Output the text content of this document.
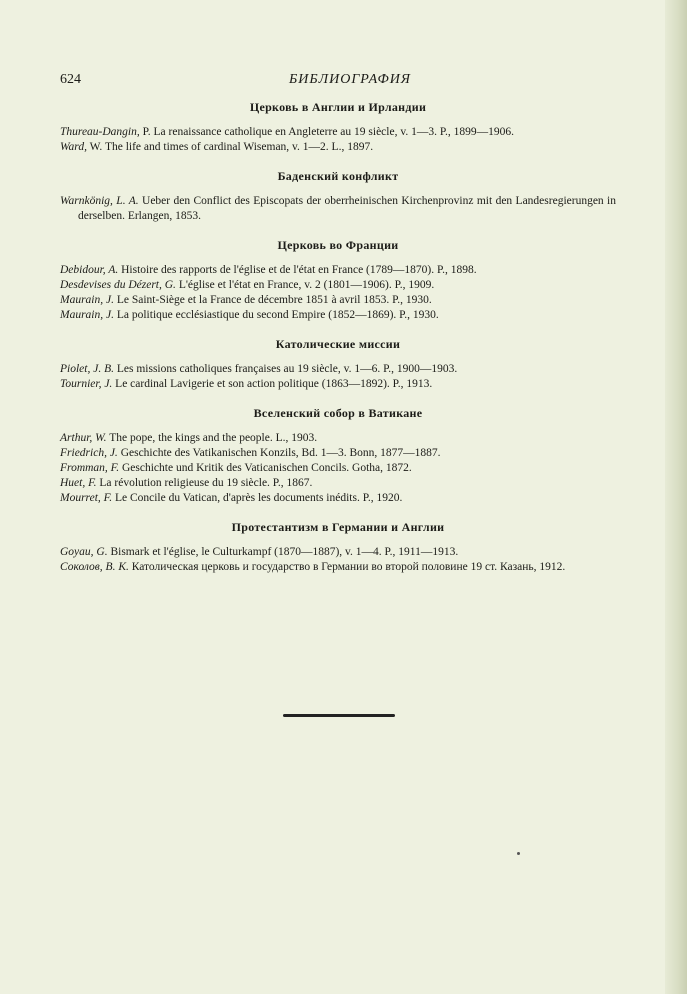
624	БИБЛИОГРАФИЯ
Церковь в Англии и Ирландии

Thureau-Dangin, P. La renaissance catholique en Angleterre au 19 siècle, v. 1—3. P., 1899—1906.

Ward, W. The life and times of cardinal Wiseman, v. 1—2. L., 1897.

Баденский конфликт

Warnkönig, L. A. Ueber den Conflict des Episcopats der oberrheinischen Kirchenprovinz mit den Landesregierungen in derselben. Erlangen, 1853.

Церковь во Франции

Debidour, A. Histoire des rapports de l'église et de l'état en France (1789—1870). P., 1898.

Desdevises du Dézert, G. L'église et l'état en France, v. 2 (1801—1906). P., 1909.

Maurain, J. Le Saint-Siège et la France de décembre 1851 à avril 1853. P., 1930.

Maurain, J. La politique ecclésiastique du second Empire (1852—1869). P., 1930.

Католические миссии

Piolet, J. B. Les missions catholiques françaises au 19 siècle, v. 1—6. P., 1900—1903.

Tournier, J. Le cardinal Lavigerie et son action politique (1863—1892). P., 1913.

Вселенский собор в Ватикане

Arthur, W. The pope, the kings and the people. L., 1903.

Friedrich, J. Geschichte des Vatikanischen Konzils, Bd. 1—3. Bonn, 1877—1887.

Fromman, F. Geschichte und Kritik des Vaticanischen Concils. Gotha, 1872.

Huet, F. La révolution religieuse du 19 siècle. P., 1867.

Mourret, F. Le Concile du Vatican, d'après les documents inédits. P., 1920.

Протестантизм в Германии и Англии

Goyau, G. Bismark et l'église, le Culturkampf (1870—1887), v. 1—4. P., 1911—1913.

Соколов, В. К. Католическая церковь и государство в Германии во второй половине 19 ст. Казань, 1912.
